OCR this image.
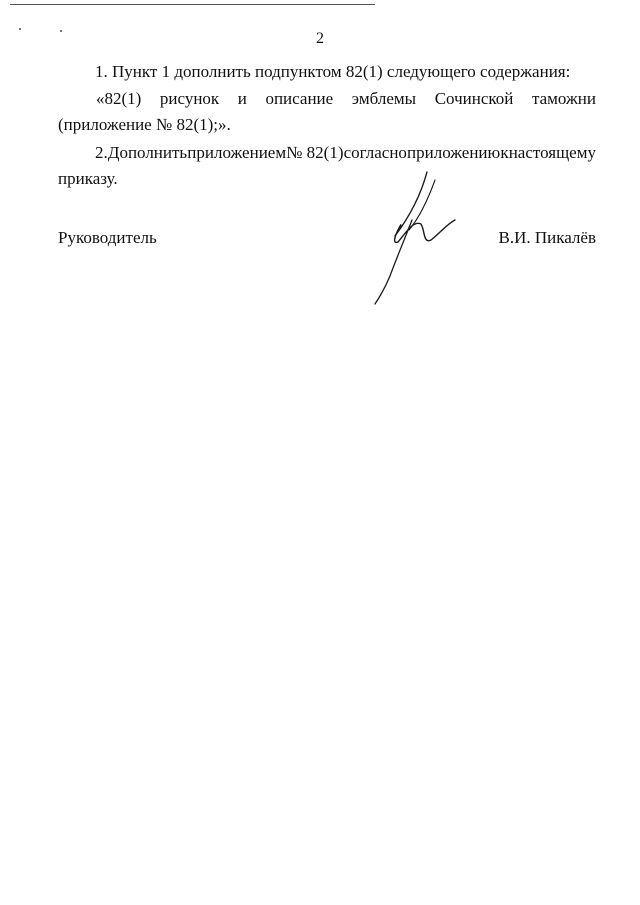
2
1. Пункт 1 дополнить подпунктом 82(1) следующего содержания:
«82(1) рисунок и описание эмблемы Сочинской таможни
(приложение № 82(1);».
2. Дополнить приложением № 82(1) согласно приложению к настоящему
приказу.
Руководитель	В.И. Пикалёв
